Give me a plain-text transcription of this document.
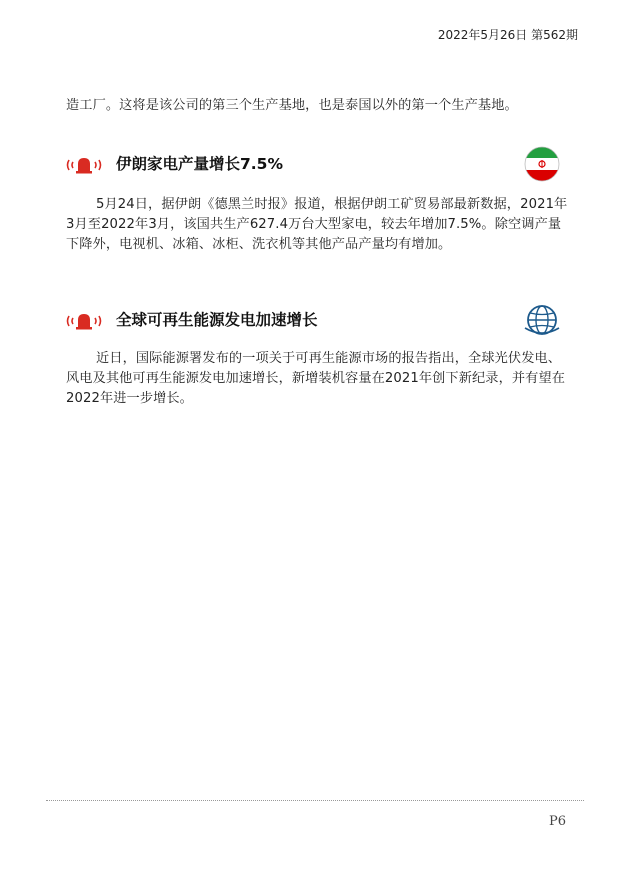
2022年5月26日 第562期
造工厂。这将是该公司的第三个生产基地，也是泰国以外的第一个生产基地。
伊朗家电产量增长7.5%
5月24日，据伊朗《德黑兰时报》报道，根据伊朗工矿贸易部最新数据，2021年3月至2022年3月，该国共生产627.4万台大型家电，较去年增加7.5%。除空调产量下降外，电视机、冰箱、冰柜、洗衣机等其他产品产量均有增加。
全球可再生能源发电加速增长
近日，国际能源署发布的一项关于可再生能源市场的报告指出，全球光伏发电、风电及其他可再生能源发电加速增长，新增装机容量在2021年创下新纪录，并有望在2022年进一步增长。
P6
